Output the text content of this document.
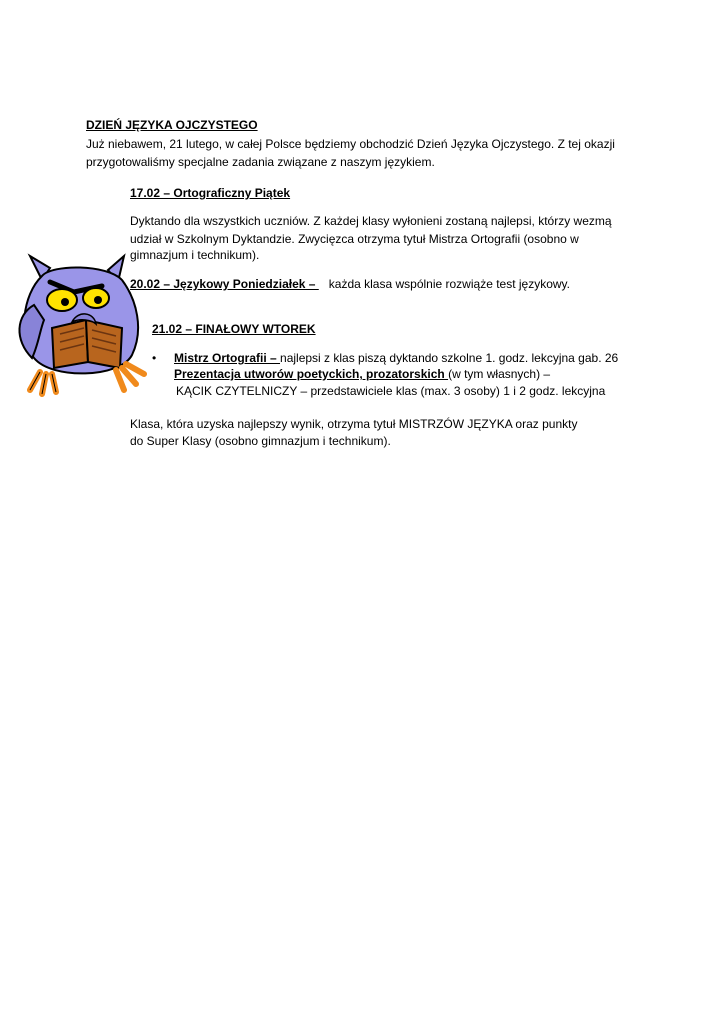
DZIEŃ JĘZYKA OJCZYSTEGO
Już niebawem, 21 lutego, w całej Polsce będziemy obchodzić Dzień Języka Ojczystego. Z tej okazji
przygotowaliśmy specjalne zadania związane z naszym językiem.
17.02 – Ortograficzny Piątek
Dyktando dla wszystkich uczniów. Z każdej klasy wyłonieni zostaną najlepsi, którzy wezmą
udział w Szkolnym Dyktandzie. Zwycięzca otrzyma tytuł Mistrza Ortografii (osobno w
gimnazjum i technikum).
20.02 – Językowy Poniedziałek – każda klasa wspólnie rozwiąże test językowy.
21.02 – FINAŁOWY WTOREK
• Mistrz Ortografii – najlepsi z klas piszą dyktando szkolne 1. godz. lekcyjna gab. 26
Prezentacja utworów poetyckich, prozatorskich (w tym własnych) –
KĄCIK CZYTELNICZY – przedstawiciele klas (max. 3 osoby) 1 i 2 godz. lekcyjna
Klasa, która uzyska najlepszy wynik, otrzyma tytuł MISTRZÓW JĘZYKA oraz punkty
do Super Klasy (osobno gimnazjum i technikum).
